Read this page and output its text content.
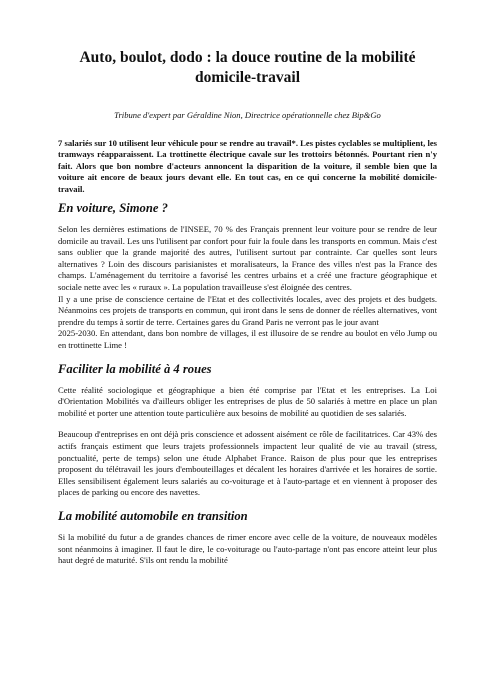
Auto, boulot, dodo : la douce routine de la mobilité domicile-travail
Tribune d'expert par Géraldine Nion, Directrice opérationnelle chez Bip&Go

7 salariés sur 10 utilisent leur véhicule pour se rendre au travail*. Les pistes cyclables se multiplient, les tramways réapparaissent. La trottinette électrique cavale sur les trottoirs bétonnés. Pourtant rien n'y fait. Alors que bon nombre d'acteurs annoncent la disparition de la voiture, il semble bien que la voiture ait encore de beaux jours devant elle. En tout cas, en ce qui concerne la mobilité domicile-travail.

En voiture, Simone ?

Selon les dernières estimations de l'INSEE, 70 % des Français prennent leur voiture pour se rendre de leur domicile au travail. Les uns l'utilisent par confort pour fuir la foule dans les transports en commun. Mais c'est sans oublier que la grande majorité des autres, l'utilisent surtout par contrainte. Car quelles sont leurs alternatives ? Loin des discours parisianistes et moralisateurs, la France des villes n'est pas la France des champs. L'aménagement du territoire a favorisé les centres urbains et a créé une fracture géographique et sociale nette avec les « ruraux ». La population travailleuse s'est éloignée des centres.

Il y a une prise de conscience certaine de l'Etat et des collectivités locales, avec des projets et des budgets. Néanmoins ces projets de transports en commun, qui iront dans le sens de donner de réelles alternatives, vont prendre du temps à sortir de terre. Certaines gares du Grand Paris ne verront pas le jour avant

2025-2030. En attendant, dans bon nombre de villages, il est illusoire de se rendre au boulot en vélo Jump ou en trottinette Lime !

Faciliter la mobilité à 4 roues

Cette réalité sociologique et géographique a bien été comprise par l'Etat et les entreprises. La Loi d'Orientation Mobilités va d'ailleurs obliger les entreprises de plus de 50 salariés à mettre en place un plan mobilité et porter une attention toute particulière aux besoins de mobilité au quotidien de ses salariés.

Beaucoup d'entreprises en ont déjà pris conscience et adossent aisément ce rôle de facilitatrices. Car 43% des actifs français estiment que leurs trajets professionnels impactent leur qualité de vie au travail (stress, ponctualité, perte de temps) selon une étude Alphabet France. Raison de plus pour que les entreprises proposent du télétravail les jours d'embouteillages et décalent les horaires d'arrivée et les horaires de sortie. Elles sensibilisent également leurs salariés au co-voiturage et à l'auto-partage et en viennent à proposer des places de parking ou encore des navettes.

La mobilité automobile en transition

Si la mobilité du futur a de grandes chances de rimer encore avec celle de la voiture, de nouveaux modèles sont néanmoins à imaginer. Il faut le dire, le co-voiturage ou l'auto-partage n'ont pas encore atteint leur plus haut degré de maturité. S'ils ont rendu la mobilité
